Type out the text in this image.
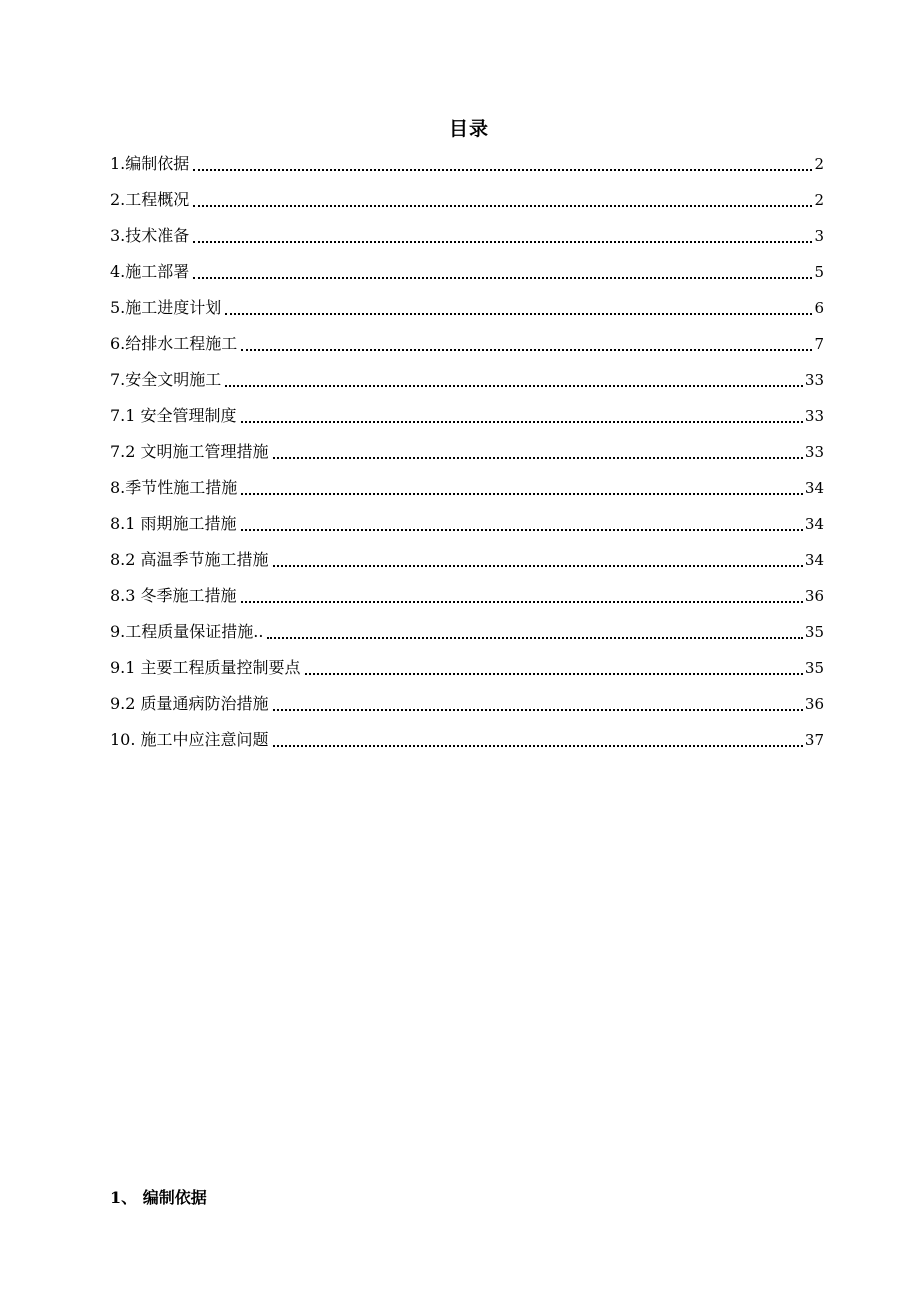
目录
1.编制依据	2
2.工程概况	2
3.技术准备	3
4.施工部署	5
5.施工进度计划	6
6.给排水工程施工	7
7.安全文明施工	33
7.1 安全管理制度	33
7.2 文明施工管理措施	33
8.季节性施工措施	34
8.1 雨期施工措施	34
8.2 高温季节施工措施	34
8.3 冬季施工措施	36
9.工程质量保证措施..	35
9.1 主要工程质量控制要点	35
9.2 质量通病防治措施	36
10. 施工中应注意问题	37
1、 编制依据
